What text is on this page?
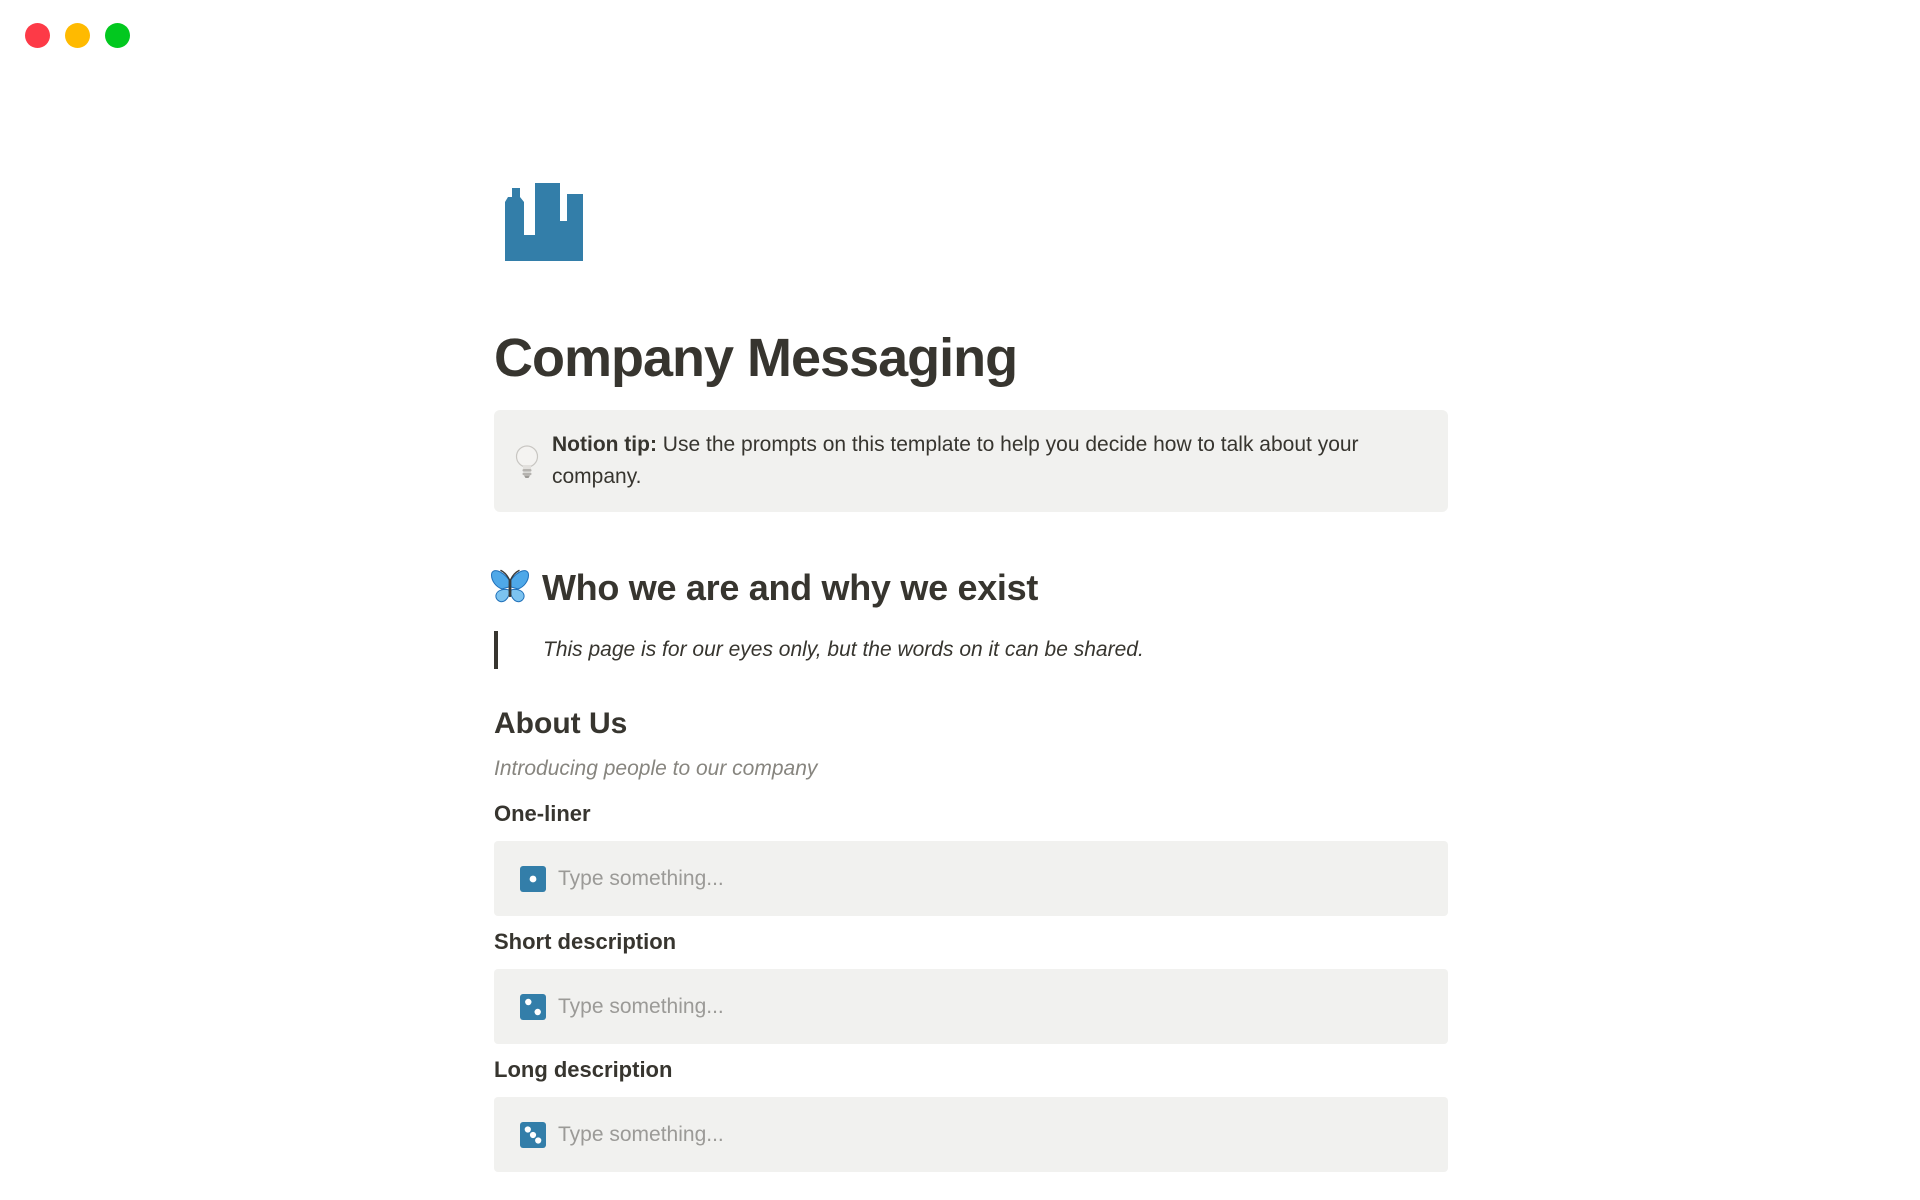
Company Messaging
Notion tip: Use the prompts on this template to help you decide how to talk about your company.
Who we are and why we exist
This page is for our eyes only, but the words on it can be shared.
About Us
Introducing people to our company
One-liner
Type something...
Short description
Type something...
Long description
Type something...
